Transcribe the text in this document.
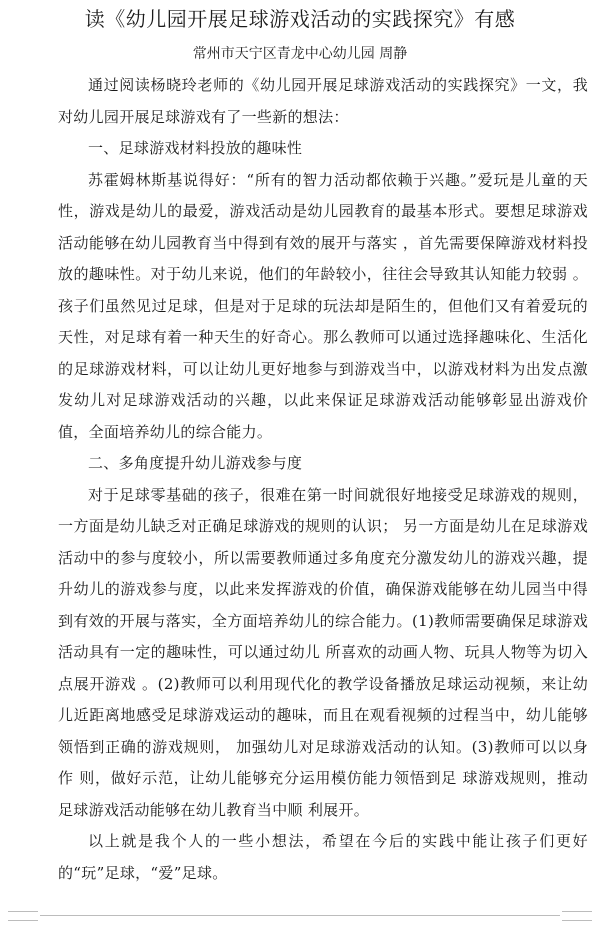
读《幼儿园开展足球游戏活动的实践探究》有感
常州市天宁区青龙中心幼儿园 周静

通过阅读杨晓玲老师的《幼儿园开展足球游戏活动的实践探究》一文，我对幼儿园开展足球游戏有了一些新的想法：

一、足球游戏材料投放的趣味性

苏霍姆林斯基说得好：“所有的智力活动都依赖于兴趣。”爱玩是儿童的天性，游戏是幼儿的最爱，游戏活动是幼儿园教育的最基本形式。要想足球游戏活动能够在幼儿园教育当中得到有效的展开与落实 ，首先需要保障游戏材料投放的趣味性。对于幼儿来说，他们的年龄较小，往往会导致其认知能力较弱 。孩子们虽然见过足球，但是对于足球的玩法却是陌生的，但他们又有着爱玩的天性，对足球有着一种天生的好奇心。那么教师可以通过选择趣味化、生活化的足球游戏材料，可以让幼儿更好地参与到游戏当中，以游戏材料为出发点激发幼儿对足球游戏活动的兴趣，以此来保证足球游戏活动能够彰显出游戏价值，全面培养幼儿的综合能力。

二、多角度提升幼儿游戏参与度

对于足球零基础的孩子，很难在第一时间就很好地接受足球游戏的规则，一方面是幼儿缺乏对正确足球游戏的规则的认识； 另一方面是幼儿在足球游戏活动中的参与度较小，所以需要教师通过多角度充分激发幼儿的游戏兴趣，提升幼儿的游戏参与度，以此来发挥游戏的价值，确保游戏能够在幼儿园当中得到有效的开展与落实，全方面培养幼儿的综合能力。(1)教师需要确保足球游戏活动具有一定的趣味性，可以通过幼儿 所喜欢的动画人物、玩具人物等为切入点展开游戏 。(2)教师可以利用现代化的教学设备播放足球运动视频，来让幼儿近距离地感受足球游戏运动的趣味，而且在观看视频的过程当中，幼儿能够领悟到正确的游戏规则， 加强幼儿对足球游戏活动的认知。(3)教师可以以身作 则，做好示范，让幼儿能够充分运用模仿能力领悟到足 球游戏规则，推动足球游戏活动能够在幼儿教育当中顺 利展开。

以上就是我个人的一些小想法，希望在今后的实践中能让孩子们更好的“玩”足球，“爱”足球。
